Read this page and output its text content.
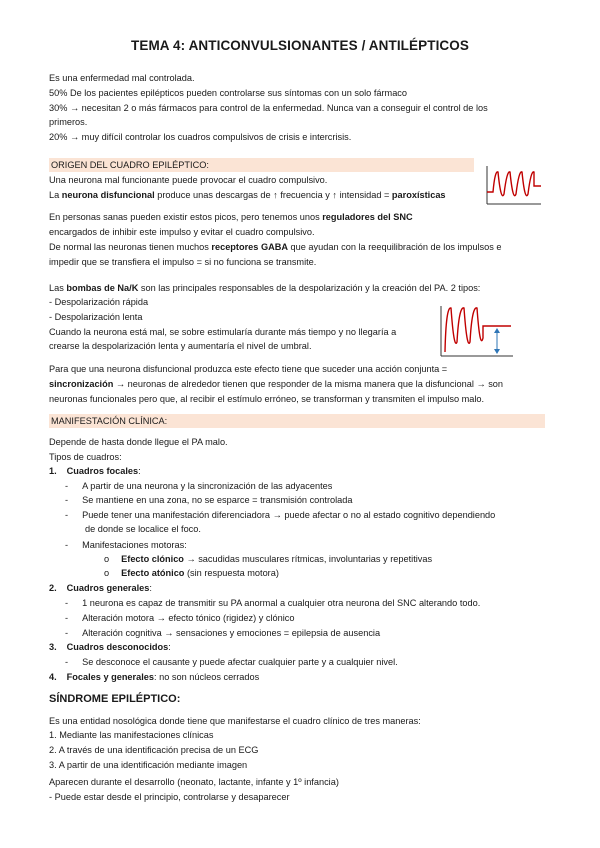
TEMA 4: ANTICONVULSIONANTES / ANTILÉPTICOS
Es una enfermedad mal controlada.
50% De los pacientes epilépticos pueden controlarse sus síntomas con un solo fármaco
30% → necesitan 2 o más fármacos para control de la enfermedad. Nunca van a conseguir el control de los
primeros.
20% → muy difícil controlar los cuadros compulsivos de crisis e intercrisis.
ORIGEN DEL CUADRO EPILÉPTICO:
Una neurona mal funcionante puede provocar el cuadro compulsivo.
La neurona disfuncional produce unas descargas de ↑ frecuencia y ↑ intensidad = paroxísticas
En personas sanas pueden existir estos picos, pero tenemos unos reguladores del SNC
encargados de inhibir este impulso y evitar el cuadro compulsivo.
De normal las neuronas tienen muchos receptores GABA que ayudan con la reequilibración de los impulsos e
impedir que se transfiera el impulso = si no funciona se transmite.
Las bombas de Na/K son las principales responsables de la despolarización y la creación del PA. 2 tipos:
- Despolarización rápida
- Despolarización lenta
Cuando la neurona está mal, se sobre estimularía durante más tiempo y no llegaría a
crearse la despolarización lenta y aumentaría el nivel de umbral.
Para que una neurona disfuncional produzca este efecto tiene que suceder una acción conjunta =
sincronización → neuronas de alrededor tienen que responder de la misma manera que la disfuncional → son
neuronas funcionales pero que, al recibir el estímulo erróneo, se transforman y transmiten el impulso malo.
MANIFESTACIÓN CLÍNICA:
Depende de hasta donde llegue el PA malo.
Tipos de cuadros:
1. Cuadros focales:
- A partir de una neurona y la sincronización de las adyacentes
- Se mantiene en una zona, no se esparce = transmisión controlada
- Puede tener una manifestación diferenciadora → puede afectar o no al estado cognitivo dependiendo
de donde se localice el foco.
- Manifestaciones motoras:
o Efecto clónico → sacudidas musculares rítmicas, involuntarias y repetitivas
o Efecto atónico (sin respuesta motora)
2. Cuadros generales:
- 1 neurona es capaz de transmitir su PA anormal a cualquier otra neurona del SNC alterando todo.
- Alteración motora → efecto tónico (rigidez) y clónico
- Alteración cognitiva → sensaciones y emociones = epilepsia de ausencia
3. Cuadros desconocidos:
- Se desconoce el causante y puede afectar cualquier parte y a cualquier nivel.
4. Focales y generales: no son núcleos cerrados
SÍNDROME EPILÉPTICO:
Es una entidad nosológica donde tiene que manifestarse el cuadro clínico de tres maneras:
1. Mediante las manifestaciones clínicas
2. A través de una identificación precisa de un ECG
3. A partir de una identificación mediante imagen
Aparecen durante el desarrollo (neonato, lactante, infante y 1º infancia)
- Puede estar desde el principio, controlarse y desaparecer
